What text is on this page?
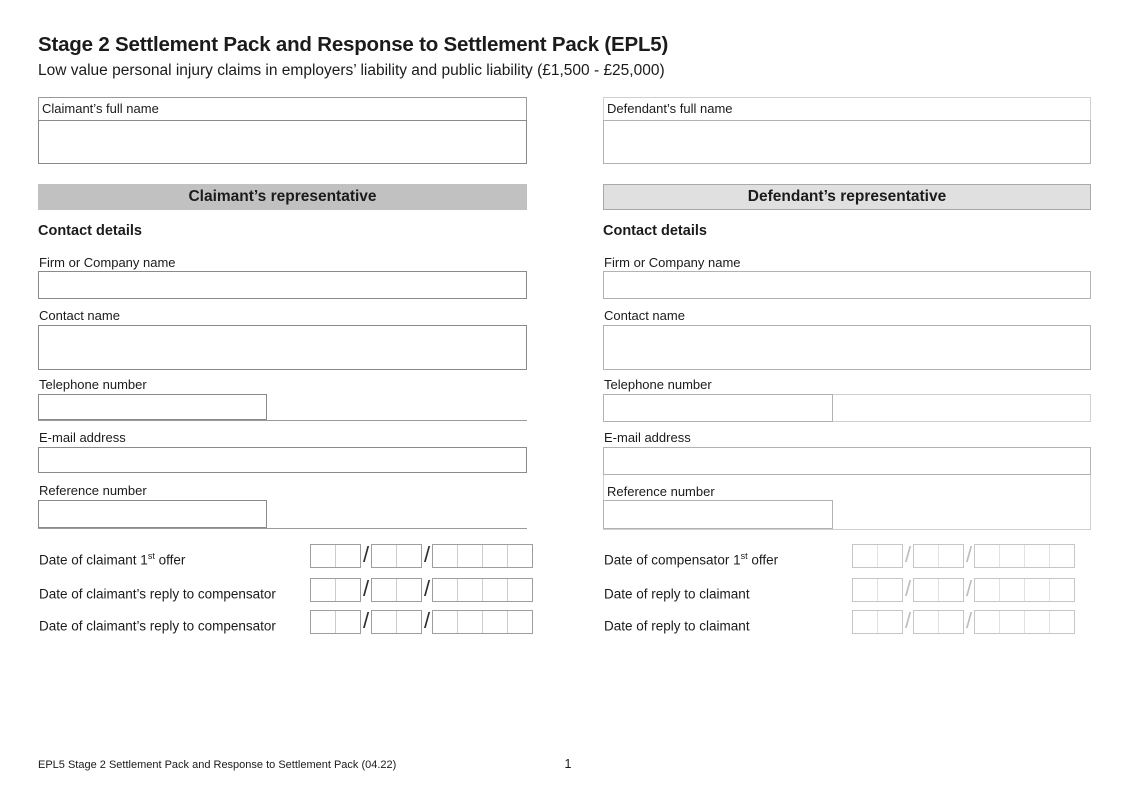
Stage 2 Settlement Pack and Response to Settlement Pack (EPL5)
Low value personal injury claims in employers’ liability and public liability (£1,500 - £25,000)
Claimant’s full name
Claimant’s representative
Contact details
Firm or Company name
Contact name
Telephone number
E-mail address
Reference number
Date of claimant 1st offer	/ /
Date of claimant’s reply to compensator	/ /
Date of claimant’s reply to compensator	/ /
Defendant’s full name
Defendant’s representative
Contact details
Firm or Company name
Contact name
Telephone number
E-mail address
Reference number
Date of compensator 1st offer	/ /
Date of reply to claimant	/ /
Date of reply to claimant	/ /
EPL5 Stage 2 Settlement Pack and Response to Settlement Pack (04.22)	1
